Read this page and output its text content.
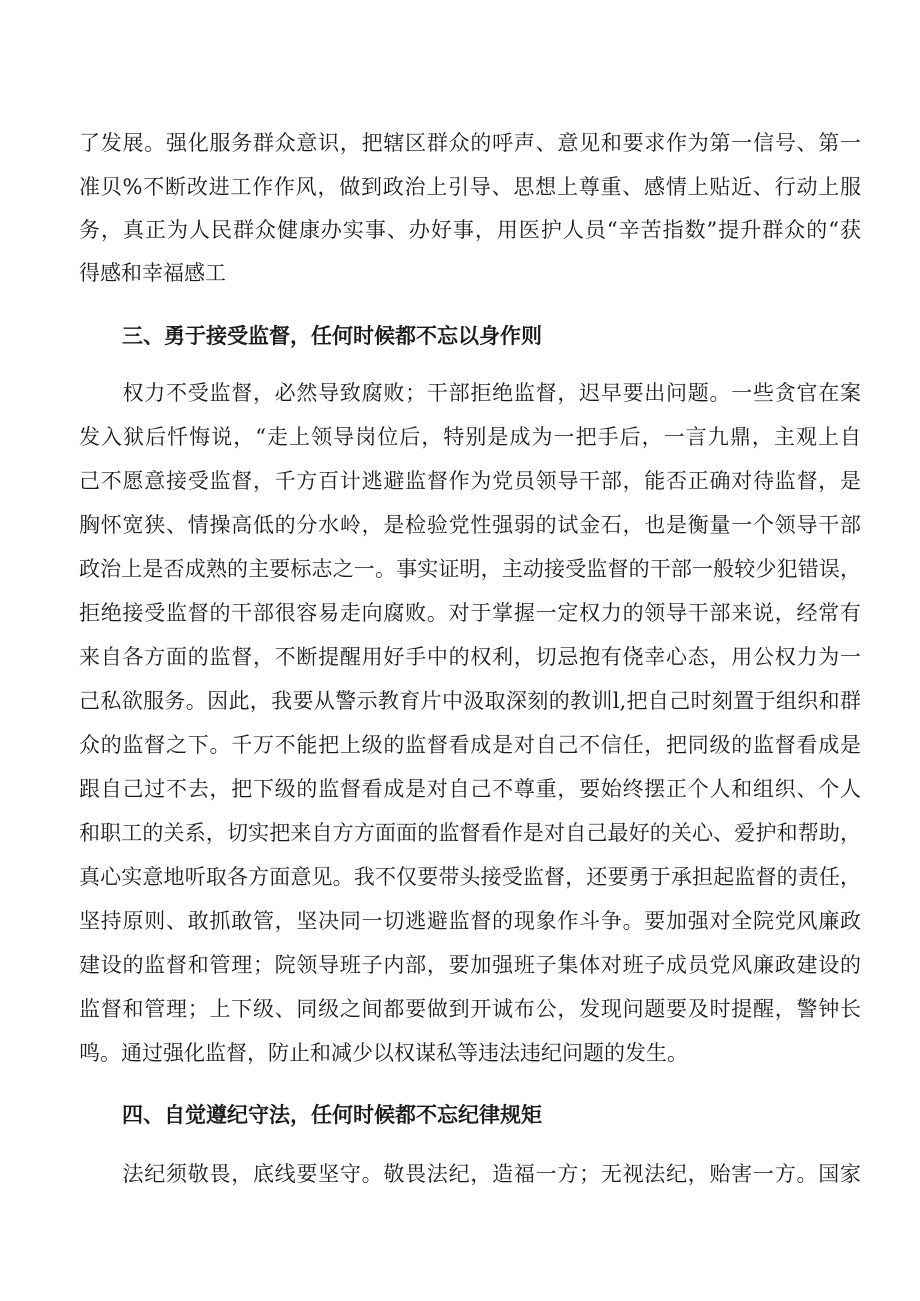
了发展。强化服务群众意识，把辖区群众的呼声、意见和要求作为第一信号、第一
准贝%不断改进工作作风，做到政治上引导、思想上尊重、感情上贴近、行动上服
务，真正为人民群众健康办实事、办好事，用医护人员“辛苦指数”提升群众的“获
得感和幸福感工
三、勇于接受监督，任何时候都不忘以身作则
　　权力不受监督，必然导致腐败；干部拒绝监督，迟早要出问题。一些贪官在案
发入狱后忏悔说，“走上领导岗位后，特别是成为一把手后，一言九鼎，主观上自
己不愿意接受监督，千方百计逃避监督作为党员领导干部，能否正确对待监督，是
胸怀宽狭、情操高低的分水岭，是检验党性强弱的试金石，也是衡量一个领导干部
政治上是否成熟的主要标志之一。事实证明，主动接受监督的干部一般较少犯错误，
拒绝接受监督的干部很容易走向腐败。对于掌握一定权力的领导干部来说，经常有
来自各方面的监督，不断提醒用好手中的权利，切忌抱有侥幸心态，用公权力为一
己私欲服务。因此，我要从警示教育片中汲取深刻的教训l,把自己时刻置于组织和群
众的监督之下。千万不能把上级的监督看成是对自己不信任，把同级的监督看成是
跟自己过不去，把下级的监督看成是对自己不尊重，要始终摆正个人和组织、个人
和职工的关系，切实把来自方方面面的监督看作是对自己最好的关心、爱护和帮助，
真心实意地听取各方面意见。我不仅要带头接受监督，还要勇于承担起监督的责任，
坚持原则、敢抓敢管，坚决同一切逃避监督的现象作斗争。要加强对全院党风廉政
建设的监督和管理；院领导班子内部，要加强班子集体对班子成员党风廉政建设的
监督和管理；上下级、同级之间都要做到开诚布公，发现问题要及时提醒，警钟长
鸣。通过强化监督，防止和减少以权谋私等违法违纪问题的发生。
四、自觉遵纪守法，任何时候都不忘纪律规矩
　　法纪须敬畏，底线要坚守。敬畏法纪，造福一方；无视法纪，贻害一方。国家
